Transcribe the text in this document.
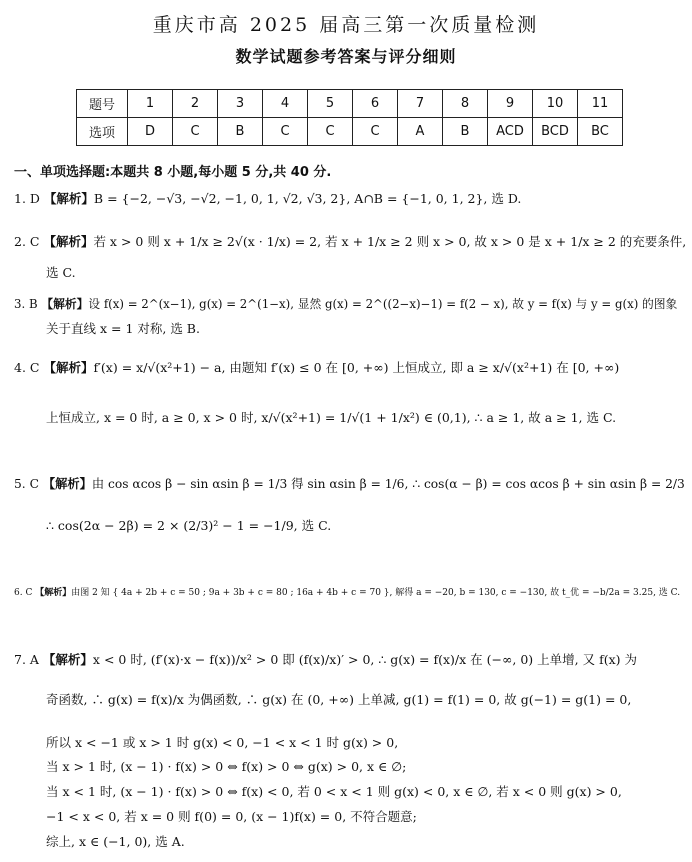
重庆市高 2025 届高三第一次质量检测
数学试题参考答案与评分细则
题号	1	2	3	4	5	6	7	8	9	10	11
选项	D	C	B	C	C	C	A	B	ACD	BCD	BC
一、单项选择题:本题共 8 小题,每小题 5 分,共 40 分.
1. D 【解析】B = {−2, −√3, −√2, −1, 0, 1, √2, √3, 2}, A∩B = {−1, 0, 1, 2}, 选 D.
2. C 【解析】若 x > 0 则 x + 1/x ≥ 2√(x · 1/x) = 2, 若 x + 1/x ≥ 2 则 x > 0, 故 x > 0 是 x + 1/x ≥ 2 的充要条件,
选 C.
3. B 【解析】设 f(x) = 2^(x−1), g(x) = 2^(1−x), 显然 g(x) = 2^((2−x)−1) = f(2 − x), 故 y = f(x) 与 y = g(x) 的图象
关于直线 x = 1 对称, 选 B.
4. C 【解析】f′(x) = x/√(x²+1) − a, 由题知 f′(x) ≤ 0 在 [0, +∞) 上恒成立, 即 a ≥ x/√(x²+1) 在 [0, +∞)
上恒成立, x = 0 时, a ≥ 0, x > 0 时, x/√(x²+1) = 1/√(1 + 1/x²) ∈ (0,1), ∴ a ≥ 1, 故 a ≥ 1, 选 C.
5. C 【解析】由 cos αcos β − sin αsin β = 1/3 得 sin αsin β = 1/6, ∴ cos(α − β) = cos αcos β + sin αsin β = 2/3
∴ cos(2α − 2β) = 2 × (2/3)² − 1 = −1/9, 选 C.
6. C 【解析】由图 2 知 { 4a + 2b + c = 50 ; 9a + 3b + c = 80 ; 16a + 4b + c = 70 }, 解得 a = −20, b = 130, c = −130, 故 t_优 = −b/2a = 3.25, 选 C.
7. A 【解析】x < 0 时, (f′(x)·x − f(x))/x² > 0 即 (f(x)/x)′ > 0, ∴ g(x) = f(x)/x 在 (−∞, 0) 上单增, 又 f(x) 为
奇函数, ∴ g(x) = f(x)/x 为偶函数, ∴ g(x) 在 (0, +∞) 上单减, g(1) = f(1) = 0, 故 g(−1) = g(1) = 0,
所以 x < −1 或 x > 1 时 g(x) < 0, −1 < x < 1 时 g(x) > 0,
当 x > 1 时, (x − 1) · f(x) > 0 ⇔ f(x) > 0 ⇔ g(x) > 0, x ∈ ∅;
当 x < 1 时, (x − 1) · f(x) > 0 ⇔ f(x) < 0, 若 0 < x < 1 则 g(x) < 0, x ∈ ∅, 若 x < 0 则 g(x) > 0,
−1 < x < 0, 若 x = 0 则 f(0) = 0, (x − 1)f(x) = 0, 不符合题意;
综上, x ∈ (−1, 0), 选 A.
